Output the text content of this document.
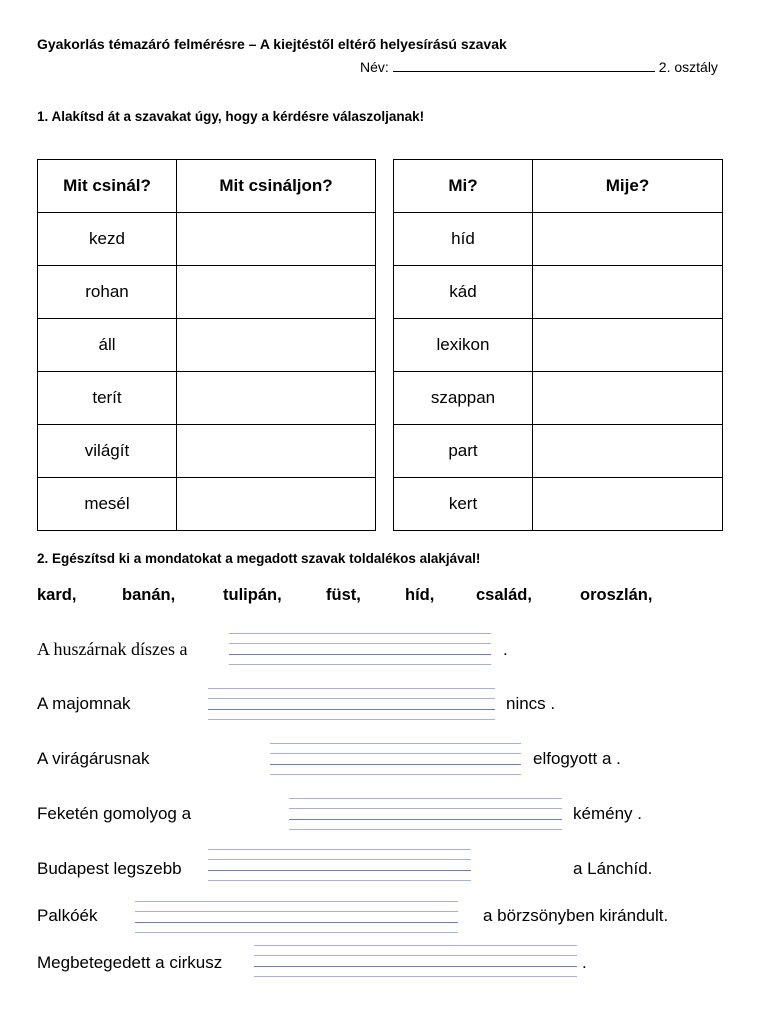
Gyakorlás témazáró felmérésre – A kiejtéstől eltérő helyesírású szavak
Név:	2. osztály
1. Alakítsd át a szavakat úgy, hogy a kérdésre válaszoljanak!
Mit csinál?	Mit csináljon?
kezd	
rohan	
áll	
terít	
világít	
mesél	
Mi?	Mije?
híd	
kád	
lexikon	
szappan	
part	
kert	
2. Egészítsd ki a mondatokat a megadott szavak toldalékos alakjával!
kard,	banán,	tulipán,	füst,	híd,	család,	oroszlán,
A huszárnak díszes a	.
A majomnak	nincs .
A virágárusnak	elfogyott a .
Feketén gomolyog a	kémény .
Budapest legszebb	a Lánchíd.
Palkóék	a börzsönyben kirándult.
Megbetegedett a cirkusz	.
